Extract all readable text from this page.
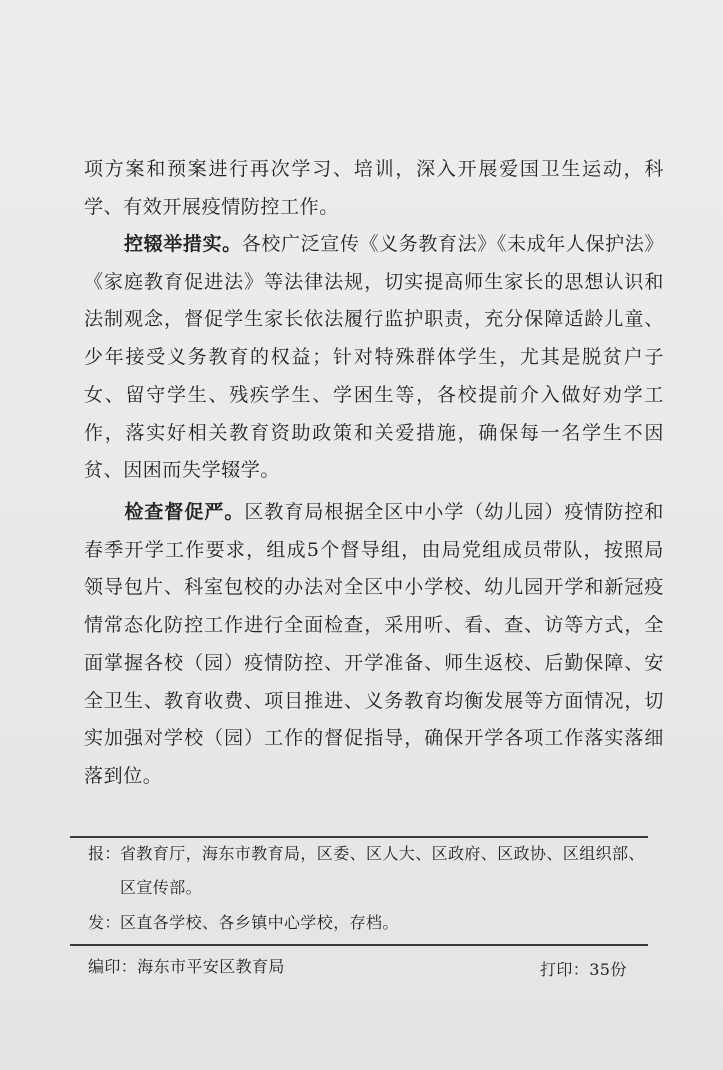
项方案和预案进行再次学习、培训，深入开展爱国卫生运动，科学、有效开展疫情防控工作。

控辍举措实。各校广泛宣传《义务教育法》《未成年人保护法》《家庭教育促进法》等法律法规，切实提高师生家长的思想认识和法制观念，督促学生家长依法履行监护职责，充分保障适龄儿童、少年接受义务教育的权益；针对特殊群体学生，尤其是脱贫户子女、留守学生、残疾学生、学困生等，各校提前介入做好劝学工作，落实好相关教育资助政策和关爱措施，确保每一名学生不因贫、因困而失学辍学。

检查督促严。区教育局根据全区中小学（幼儿园）疫情防控和春季开学工作要求，组成5个督导组，由局党组成员带队，按照局领导包片、科室包校的办法对全区中小学校、幼儿园开学和新冠疫情常态化防控工作进行全面检查，采用听、看、查、访等方式，全面掌握各校（园）疫情防控、开学准备、师生返校、后勤保障、安全卫生、教育收费、项目推进、义务教育均衡发展等方面情况，切实加强对学校（园）工作的督促指导，确保开学各项工作落实落细落到位。

报： 省教育厅，海东市教育局，区委、区人大、区政府、区政协、区组织部、
区宣传部。
发： 区直各学校、各乡镇中心学校，存档。
编印：海东市平安区教育局	打印：35份
